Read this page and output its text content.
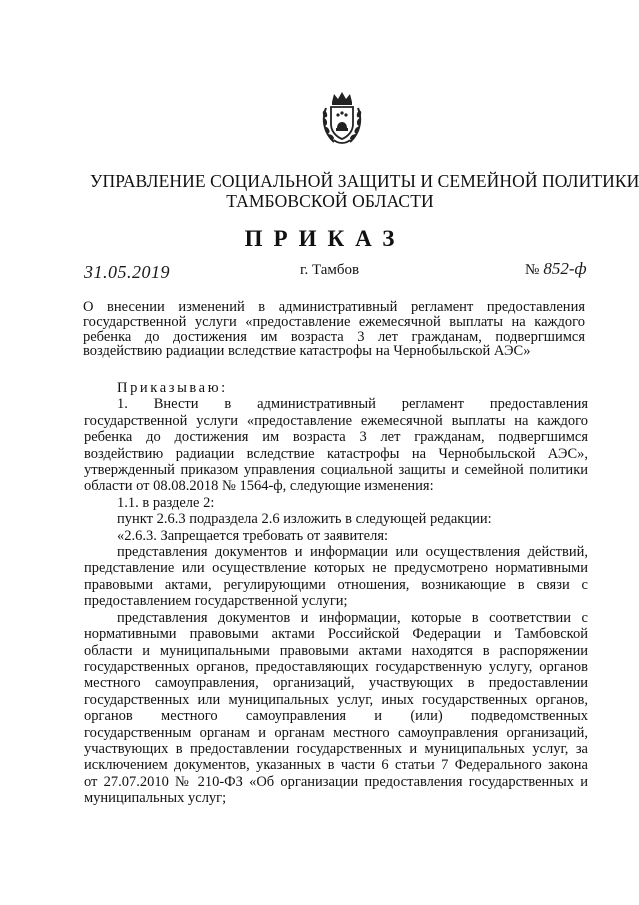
УПРАВЛЕНИЕ СОЦИАЛЬНОЙ ЗАЩИТЫ И СЕМЕЙНОЙ ПОЛИТИКИ
ТАМБОВСКОЙ ОБЛАСТИ
ПРИКАЗ
31.05.2019	г. Тамбов	№ 852-ф
О внесении изменений в административный регламент предоставления
государственной услуги «предоставление ежемесячной выплаты на каждого
ребенка до достижения им возраста 3 лет гражданам, подвергшимся
воздействию радиации вследствие катастрофы на Чернобыльской АЭС»
Приказываю:
1. Внести в административный регламент предоставления
государственной услуги «предоставление ежемесячной выплаты на каждого
ребенка до достижения им возраста 3 лет гражданам, подвергшимся
воздействию радиации вследствие катастрофы на Чернобыльской АЭС»,
утвержденный приказом управления социальной защиты и семейной политики
области от 08.08.2018 № 1564-ф, следующие изменения:
1.1. в разделе 2:
пункт 2.6.3 подраздела 2.6 изложить в следующей редакции:
«2.6.3. Запрещается требовать от заявителя:
представления документов и информации или осуществления действий,
представление или осуществление которых не предусмотрено нормативными
правовыми актами, регулирующими отношения, возникающие в связи с
предоставлением государственной услуги;
представления документов и информации, которые в соответствии с
нормативными правовыми актами Российской Федерации и Тамбовской
области и муниципальными правовыми актами находятся в распоряжении
государственных органов, предоставляющих государственную услугу, органов
местного самоуправления, организаций, участвующих в предоставлении
государственных или муниципальных услуг, иных государственных органов,
органов местного самоуправления и (или) подведомственных
государственным органам и органам местного самоуправления организаций,
участвующих в предоставлении государственных и муниципальных услуг, за
исключением документов, указанных в части 6 статьи 7 Федерального закона
от 27.07.2010 № 210-ФЗ «Об организации предоставления государственных и
муниципальных услуг;
